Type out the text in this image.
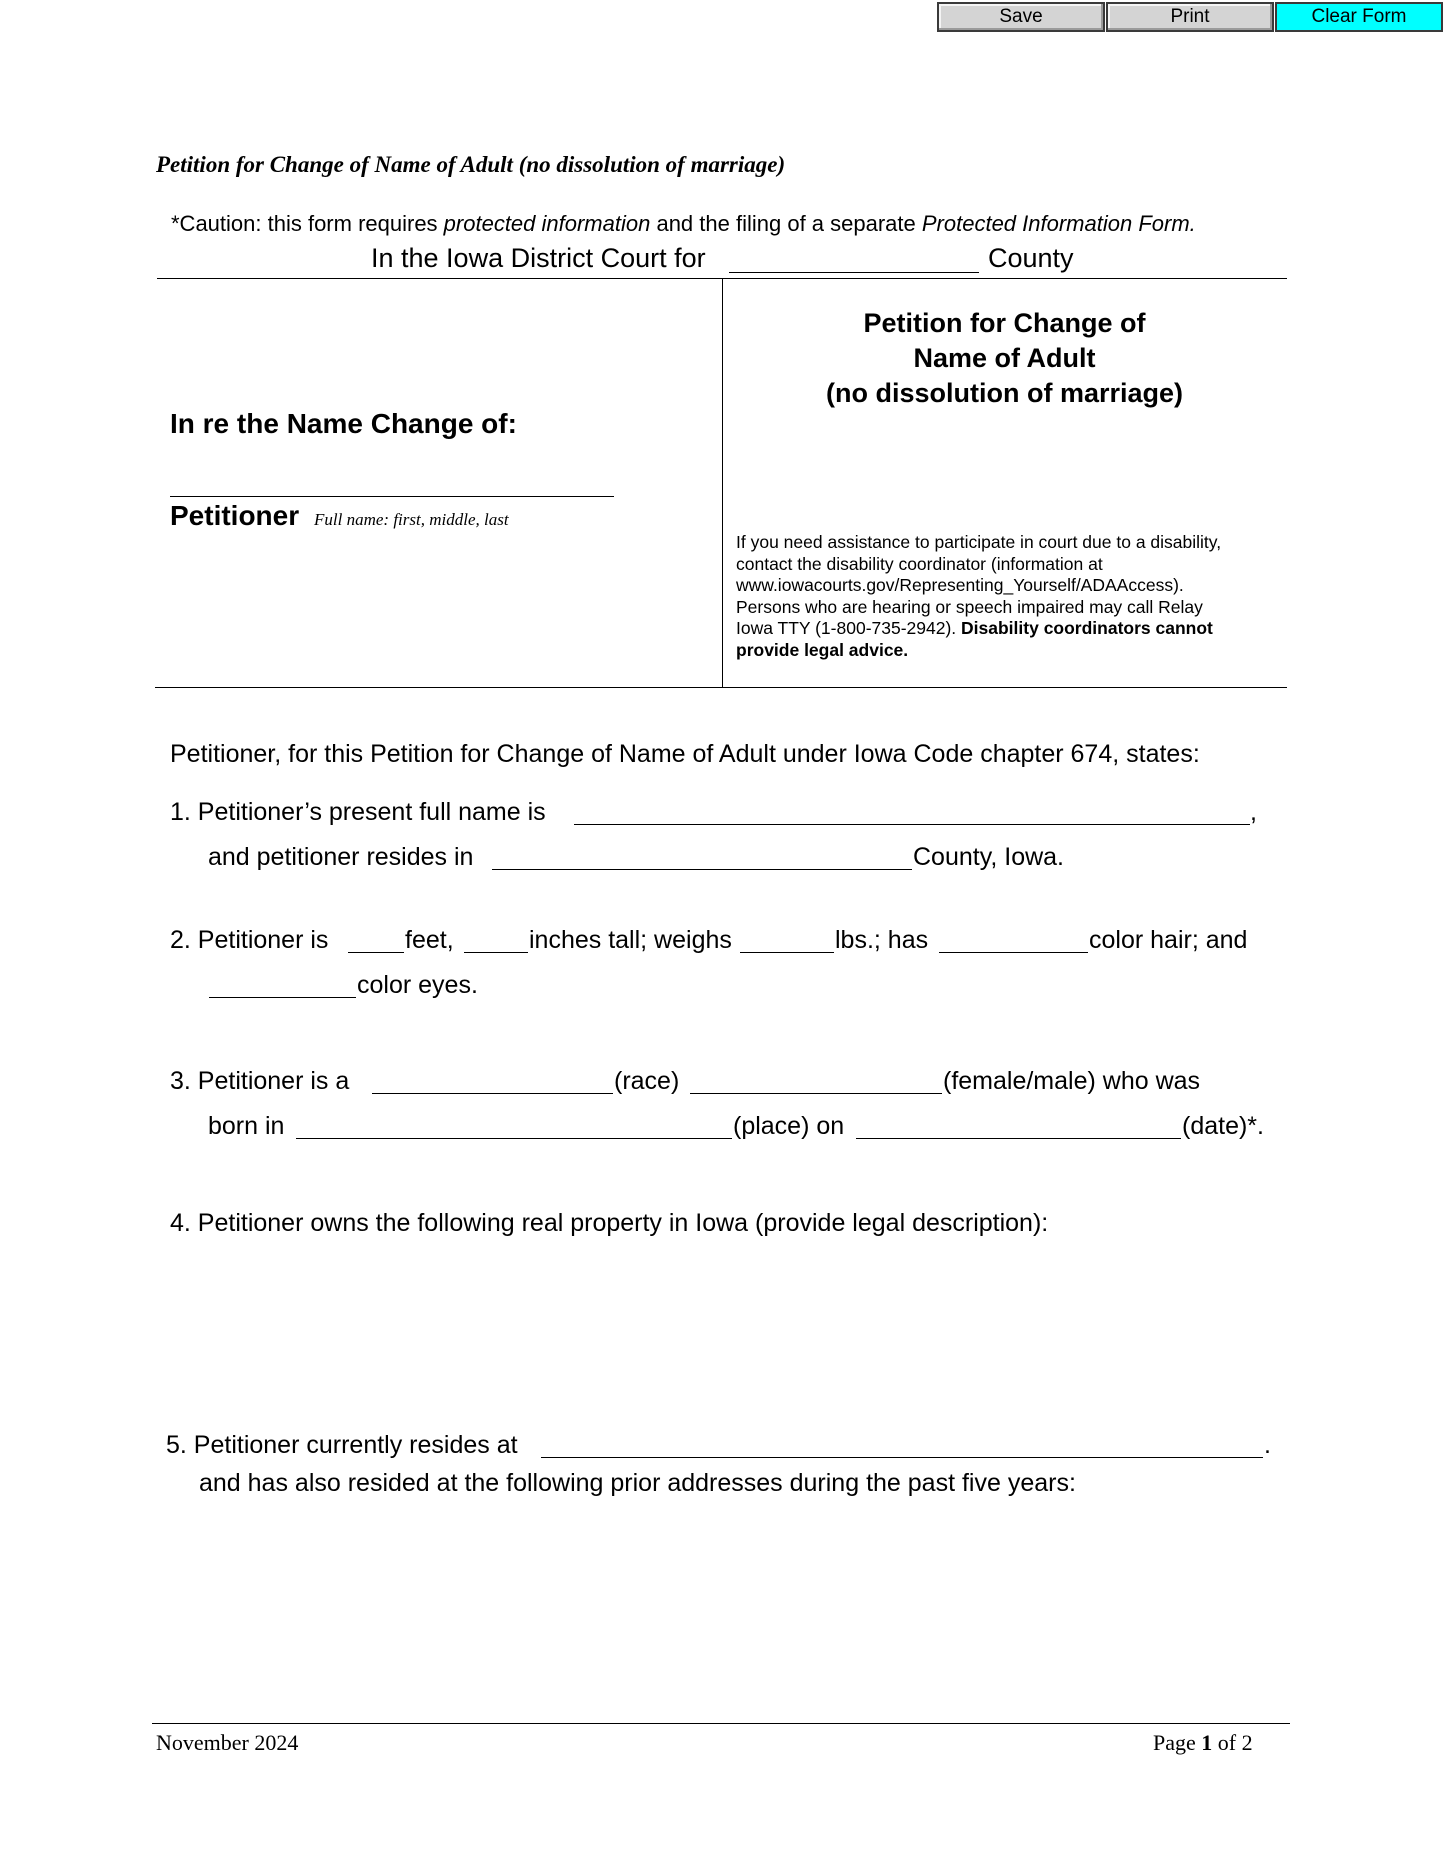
Save	Print	Clear Form
Petition for Change of Name of Adult (no dissolution of marriage)
*Caution: this form requires protected information and the filing of a separate Protected Information Form.
In the Iowa District Court for	County
In re the Name Change of:
Petitioner Full name: first, middle, last
Petition for Change of
Name of Adult
(no dissolution of marriage)
If you need assistance to participate in court due to a disability,
contact the disability coordinator (information at
www.iowacourts.gov/Representing_Yourself/ADAAccess).
Persons who are hearing or speech impaired may call Relay
Iowa TTY (1-800-735-2942). Disability coordinators cannot
provide legal advice.
Petitioner, for this Petition for Change of Name of Adult under Iowa Code chapter 674, states:
1. Petitioner’s present full name is	,
and petitioner resides in	County, Iowa.
2. Petitioner is	feet,	inches tall; weighs	lbs.; has	color hair; and
color eyes.
3. Petitioner is a	(race)	(female/male) who was
born in	(place) on	(date)*.
4. Petitioner owns the following real property in Iowa (provide legal description):
5. Petitioner currently resides at	.
and has also resided at the following prior addresses during the past five years:
November 2024	Page 1 of 2
